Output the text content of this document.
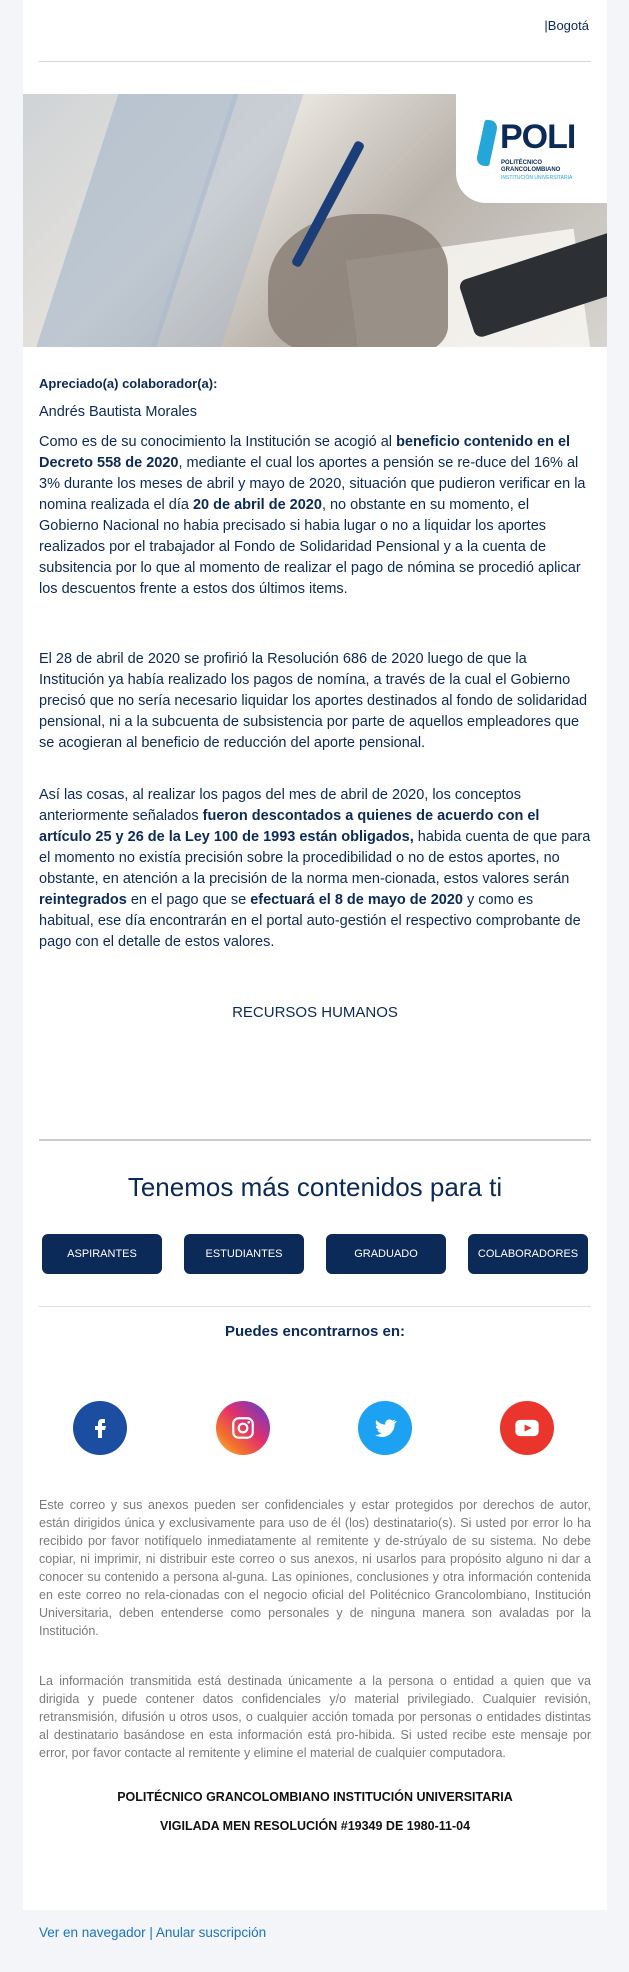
|Bogotá
POLI
POLITÉCNICO
GRANCOLOMBIANO
INSTITUCIÓN UNIVERSITARIA
Apreciado(a) colaborador(a):
Andrés Bautista Morales
Como es de su conocimiento la Institución se acogió al beneficio contenido en el Decreto 558 de 2020, mediante el cual los aportes a pensión se re-duce del 16% al 3% durante los meses de abril y mayo de 2020, situación que pudieron verificar en la nomina realizada el día 20 de abril de 2020, no obstante en su momento, el Gobierno Nacional no habia precisado si habia lugar o no a liquidar los aportes realizados por el trabajador al Fondo de Solidaridad Pensional y a la cuenta de subsitencia por lo que al momento de realizar el pago de nómina se procedió aplicar los descuentos frente a estos dos últimos items.
El 28 de abril de 2020 se profirió la Resolución 686 de 2020 luego de que la Institución ya había realizado los pagos de nomína, a través de la cual el Gobierno precisó que no sería necesario liquidar los aportes destinados al fondo de solidaridad pensional, ni a la subcuenta de subsistencia por parte de aquellos empleadores que se acogieran al beneficio de reducción del aporte pensional.
Así las cosas, al realizar los pagos del mes de abril de 2020, los conceptos anteriormente señalados fueron descontados a quienes de acuerdo con el artículo 25 y 26 de la Ley 100 de 1993 están obligados, habida cuenta de que para el momento no existía precisión sobre la procedibilidad o no de estos aportes, no obstante, en atención a la precisión de la norma men-cionada, estos valores serán reintegrados en el pago que se efectuará el 8 de mayo de 2020 y como es habitual, ese día encontrarán en el portal auto-gestión el respectivo comprobante de pago con el detalle de estos valores.
RECURSOS HUMANOS
Tenemos más contenidos para ti
ASPIRANTES	ESTUDIANTES	GRADUADO	COLABORADORES
Puedes encontrarnos en:
Este correo y sus anexos pueden ser confidenciales y estar protegidos por derechos de autor, están dirigidos única y exclusivamente para uso de él (los) destinatario(s). Si usted por error lo ha recibido por favor notifíquelo inmediatamente al remitente y de-strúyalo de su sistema. No debe copiar, ni imprimir, ni distribuir este correo o sus anexos, ni usarlos para propósito alguno ni dar a conocer su contenido a persona al-guna. Las opiniones, conclusiones y otra información contenida en este correo no rela-cionadas con el negocio oficial del Politécnico Grancolombiano, Institución Universitaria, deben entenderse como personales y de ninguna manera son avaladas por la Institución.
La información transmitida está destinada únicamente a la persona o entidad a quien que va dirigida y puede contener datos confidenciales y/o material privilegiado. Cualquier revisión, retransmisión, difusión u otros usos, o cualquier acción tomada por personas o entidades distintas al destinatario basándose en esta información está pro-hibida. Si usted recibe este mensaje por error, por favor contacte al remitente y elimine el material de cualquier computadora.
POLITÉCNICO GRANCOLOMBIANO INSTITUCIÓN UNIVERSITARIA
VIGILADA MEN RESOLUCIÓN #19349 DE 1980-11-04
Ver en navegador | Anular suscripción
